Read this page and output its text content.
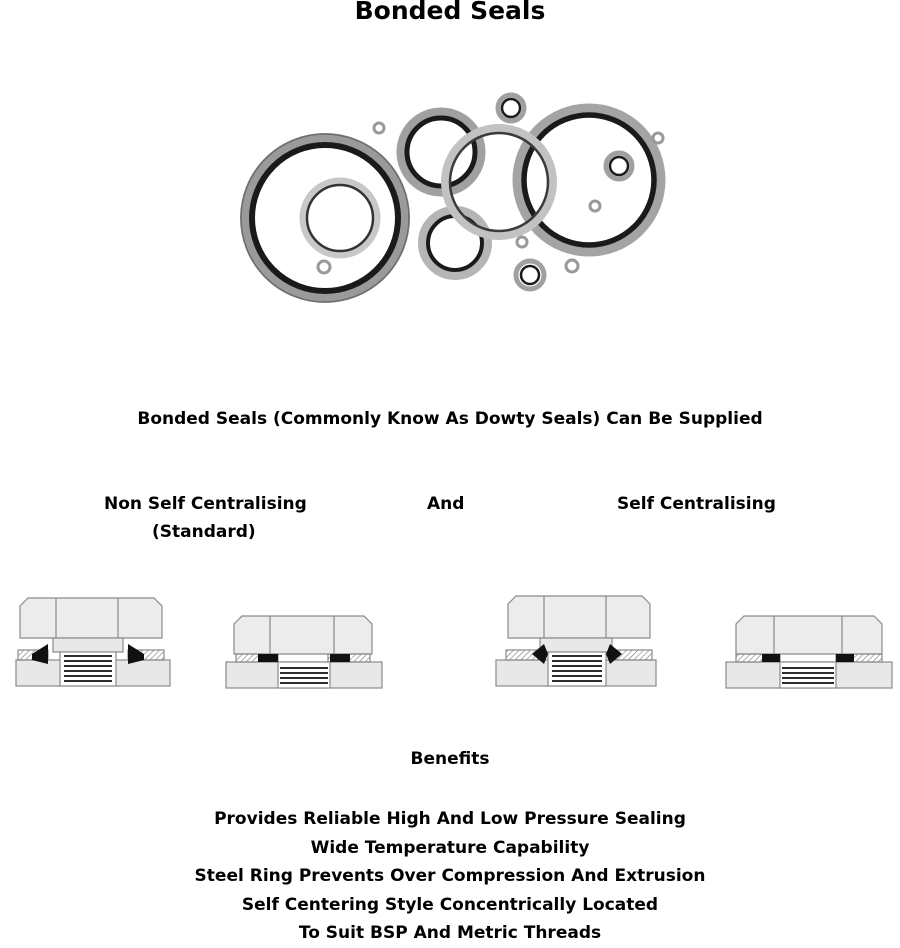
Bonded Seals
Bonded Seals (Commonly Know As Dowty Seals) Can Be Supplied
Non Self Centralising
(Standard)
And	Self Centralising
Benefits
Provides Reliable High And Low Pressure Sealing
Wide Temperature Capability
Steel Ring Prevents Over Compression And Extrusion
Self Centering Style Concentrically Located
To Suit BSP And Metric Threads
